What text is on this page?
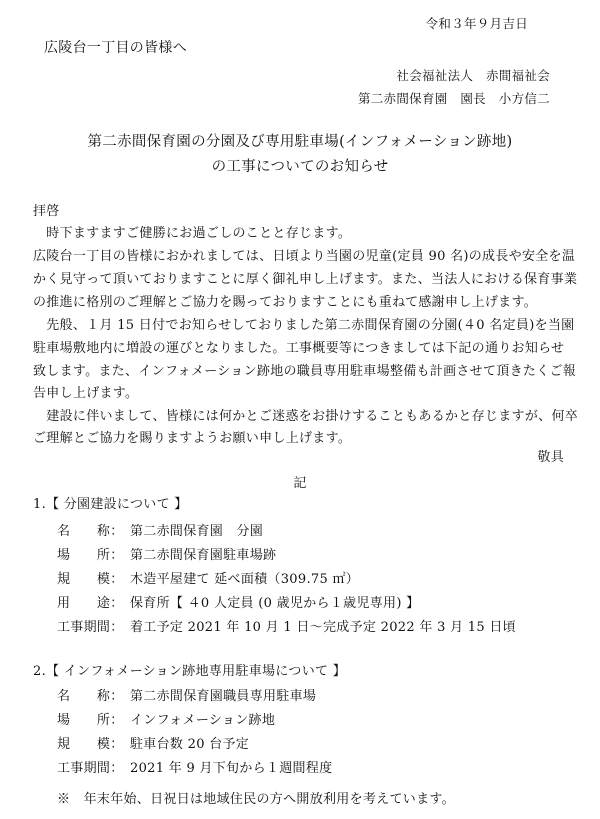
令和３年９月吉日
広陵台一丁目の皆様へ
社会福祉法人　赤間福祉会
第二赤間保育園　園長　小方信二
第二赤間保育園の分園及び専用駐車場(インフォメーション跡地)
の工事についてのお知らせ
拝啓
　時下ますますご健勝にお過ごしのことと存じます。
広陵台一丁目の皆様におかれましては、日頃より当園の児童(定員 90 名)の成長や安全を温
かく見守って頂いておりますことに厚く御礼申し上げます。また、当法人における保育事業
の推進に格別のご理解とご協力を賜っておりますことにも重ねて感謝申し上げます。
　先般、１月 15 日付でお知らせしておりました第二赤間保育園の分園(４0 名定員)を当園
駐車場敷地内に増設の運びとなりました。工事概要等につきましては下記の通りお知らせ
致します。また、インフォメーション跡地の職員専用駐車場整備も計画させて頂きたくご報
告申し上げます。
　建設に伴いまして、皆様には何かとご迷惑をお掛けすることもあるかと存じますが、何卒
ご理解とご協力を賜りますようお願い申し上げます。
敬具
記
1.【 分園建設について 】
名　　称： 第二赤間保育園　分園
場　　所： 第二赤間保育園駐車場跡
規　　模： 木造平屋建て 延べ面積（309.75 ㎡）
用　　途： 保育所【 ４0 人定員 (0 歳児から１歳児専用) 】
工事期間： 着工予定 2021 年 10 月 1 日～完成予定 2022 年 3 月 15 日頃
2.【 インフォメーション跡地専用駐車場について 】
名　　称： 第二赤間保育園職員専用駐車場
場　　所： インフォメーション跡地
規　　模： 駐車台数 20 台予定
工事期間： 2021 年 9 月下旬から１週間程度
※　年末年始、日祝日は地域住民の方へ開放利用を考えています。
